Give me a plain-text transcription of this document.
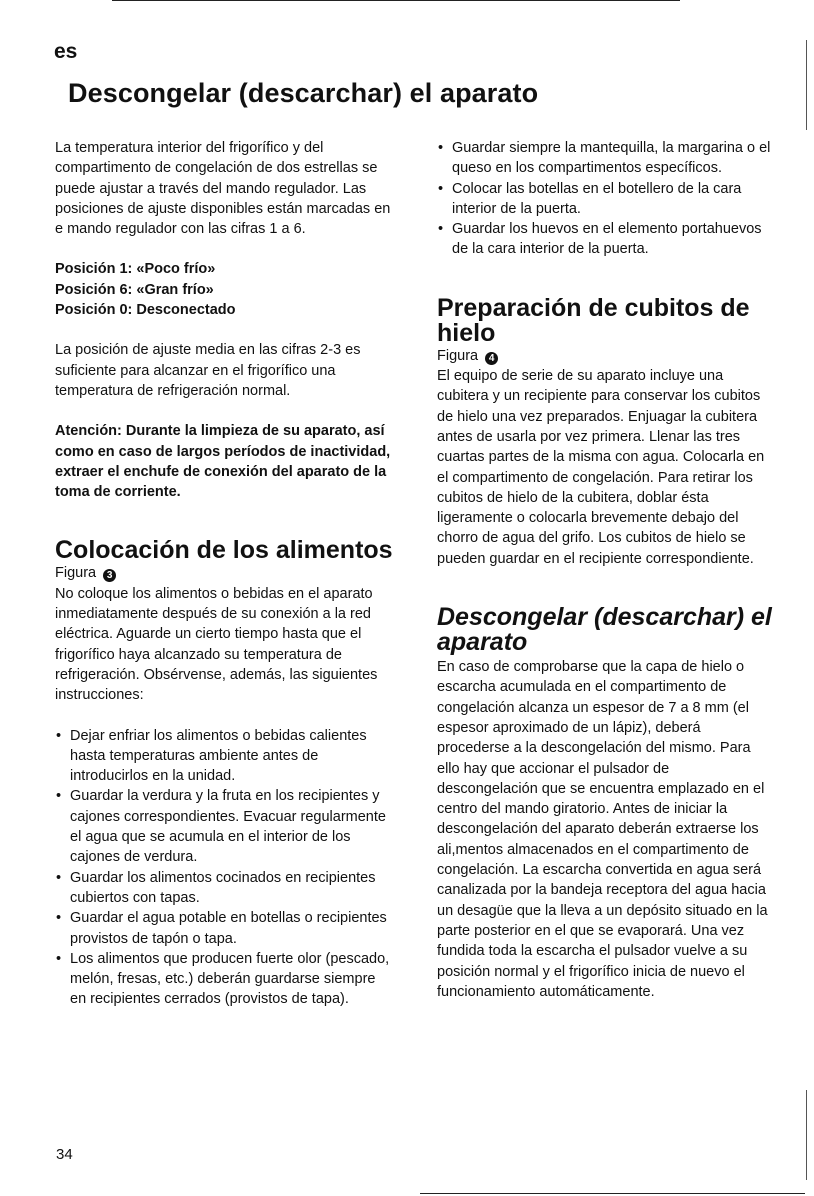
es

Descongelar (descarchar) el aparato

La temperatura interior del frigorífico y del compartimento de congelación de dos estrellas se puede ajustar a través del mando regulador. Las posiciones de ajuste disponibles están marcadas en e mando regulador con las cifras 1 a 6.

Posición 1: «Poco frío»

Posición 6: «Gran frío»

Posición 0: Desconectado

La posición de ajuste media en las cifras 2-3 es suficiente para alcanzar en el frigorífico una temperatura de refrigeración normal.

Atención: Durante la limpieza de su aparato, así como en caso de largos períodos de inactividad, extraer el enchufe de conexión del aparato de la toma de corriente.

Colocación de los alimentos

Figura 3

No coloque los alimentos o bebidas en el aparato inmediatamente después de su conexión a la red eléctrica. Aguarde un cierto tiempo hasta que el frigorífico haya alcanzado su temperatura de refrigeración. Obsérvense, además, las siguientes instrucciones:

• Dejar enfriar los alimentos o bebidas calientes hasta temperaturas ambiente antes de introducirlos en la unidad.
• Guardar la verdura y la fruta en los recipientes y cajones correspondientes. Evacuar regularmente el agua que se acumula en el interior de los cajones de verdura.
• Guardar los alimentos cocinados en recipientes cubiertos con tapas.
• Guardar el agua potable en botellas o recipientes provistos de tapón o tapa.
• Los alimentos que producen fuerte olor (pescado, melón, fresas, etc.) deberán guardarse siempre en recipientes cerrados (provistos de tapa).
• Guardar siempre la mantequilla, la margarina o el queso en los compartimentos específicos.
• Colocar las botellas en el botellero de la cara interior de la puerta.
• Guardar los huevos en el elemento portahuevos de la cara interior de la puerta.
Preparación de cubitos de hielo

Figura 4

El equipo de serie de su aparato incluye una cubitera y un recipiente para conservar los cubitos de hielo una vez preparados. Enjuagar la cubitera antes de usarla por vez primera. Llenar las tres cuartas partes de la misma con agua. Colocarla en el compartimento de congelación. Para retirar los cubitos de hielo de la cubitera, doblar ésta ligeramente o colocarla brevemente debajo del chorro de agua del grifo. Los cubitos de hielo se pueden guardar en el recipiente correspondiente.

Descongelar (descarchar) el aparato

En caso de comprobarse que la capa de hielo o escarcha acumulada en el compartimento de congelación alcanza un espesor de 7 a 8 mm (el espesor aproximado de un lápiz), deberá procederse a la descongelación del mismo. Para ello hay que accionar el pulsador de descongelación que se encuentra emplazado en el centro del mando giratorio. Antes de iniciar la descongelación del aparato deberán extraerse los ali,mentos almacenados en el compartimento de congelación. La escarcha convertida en agua será canalizada por la bandeja receptora del agua hacia un desagüe que la lleva a un depósito situado en la parte posterior en el que se evaporará. Una vez fundida toda la escarcha el pulsador vuelve a su posición normal y el frigorífico inicia de nuevo el funcionamiento automáticamente.

34
